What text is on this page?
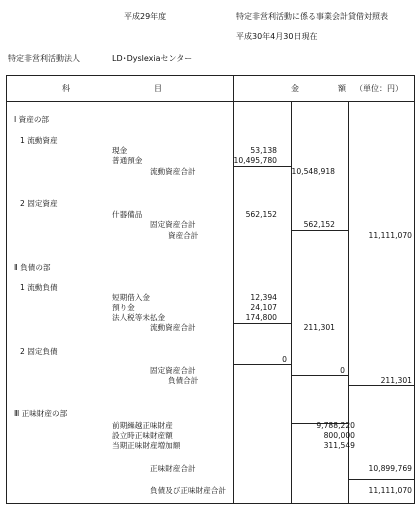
平成29年度	特定非営利活動に係る事業会計貸借対照表
平成30年4月30日現在
特定非営利活動法人	LD･Dyslexiaセンター
科	目	金	額 （単位：円）
Ⅰ 資産の部
1 流動資産
現金	53,138
普通預金	10,495,780
流動資産合計	10,548,918
2 固定資産
什器備品	562,152
固定資産合計	562,152
資産合計	11,111,070
Ⅱ 負債の部
1 流動負債
短期借入金	12,394
預り金	24,107
法人税等未払金	174,800
流動資産合計	211,301
2 固定負債
0
固定資産合計	0
負債合計	211,301
Ⅲ 正味財産の部
前期繰越正味財産	9,788,220
設立時正味財産額	800,000
当期正味財産増加額	311,549
正味財産合計	10,899,769
負債及び正味財産合計	11,111,070
